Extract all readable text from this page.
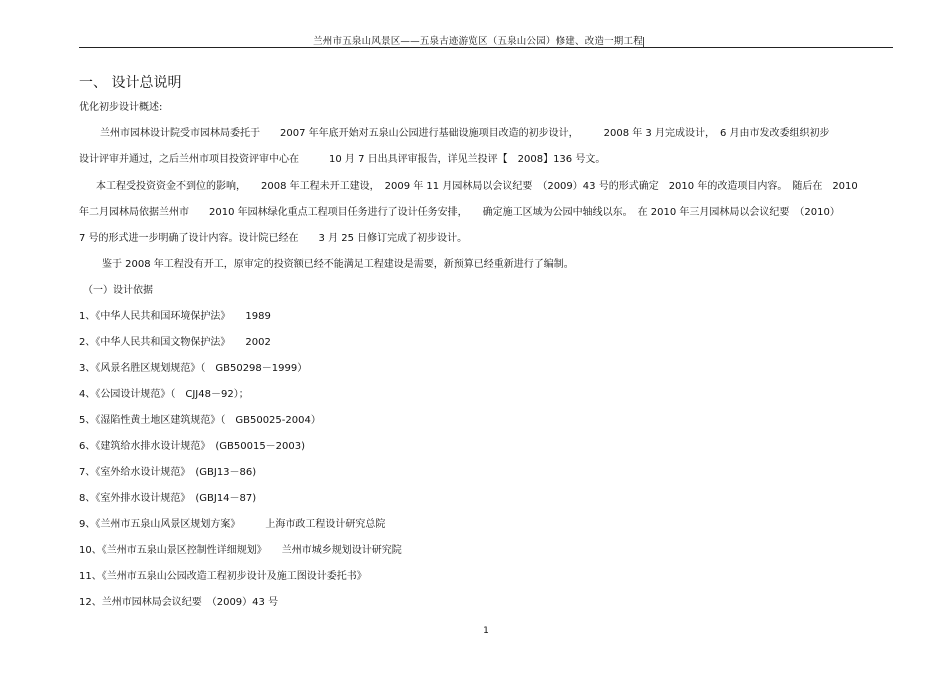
兰州市五泉山风景区——五泉古迹游览区（五泉山公园）修建、改造一期工程
一、 设计总说明
优化初步设计概述:
兰州市园林设计院受市园林局委托于　　2007 年年底开始对五泉山公园进行基础设施项目改造的初步设计，　　　2008 年 3 月完成设计，　6 月由市发改委组织初步
设计评审并通过，之后兰州市项目投资评审中心在　　　10 月 7 日出具评审报告，详见兰投评【　2008】136 号文。
本工程受投资资金不到位的影响，　　2008 年工程未开工建设，　2009 年 11 月园林局以会议纪要　（2009）43 号的形式确定　2010 年的改造项目内容。　随后在　2010
年二月园林局依据兰州市　　2010 年园林绿化重点工程项目任务进行了设计任务安排，　　确定施工区域为公园中轴线以东。　在 2010 年三月园林局以会议纪要　（2010）
7 号的形式进一步明确了设计内容。设计院已经在　　3 月 25 日修订完成了初步设计。
鉴于 2008 年工程没有开工，原审定的投资额已经不能满足工程建设是需要，新预算已经重新进行了编制。
（一）设计依据
1、《中华人民共和国环境保护法》　　1989
2、《中华人民共和国文物保护法》　　2002
3、《风景名胜区规划规范》（　GB50298－1999）
4、《公园设计规范》（　CJJ48－92）；
5、《湿陷性黄土地区建筑规范》（　GB50025-2004）
6、《建筑给水排水设计规范》　(GB50015－2003)
7、《室外给水设计规范》　(GBJ13－86)
8、《室外排水设计规范》　(GBJ14－87)
9、《兰州市五泉山风景区规划方案》　　　上海市政工程设计研究总院
10、《兰州市五泉山景区控制性详细规划》　　兰州市城乡规划设计研究院
11、《兰州市五泉山公园改造工程初步设计及施工图设计委托书》
12、兰州市园林局会议纪要　（2009）43 号
1
